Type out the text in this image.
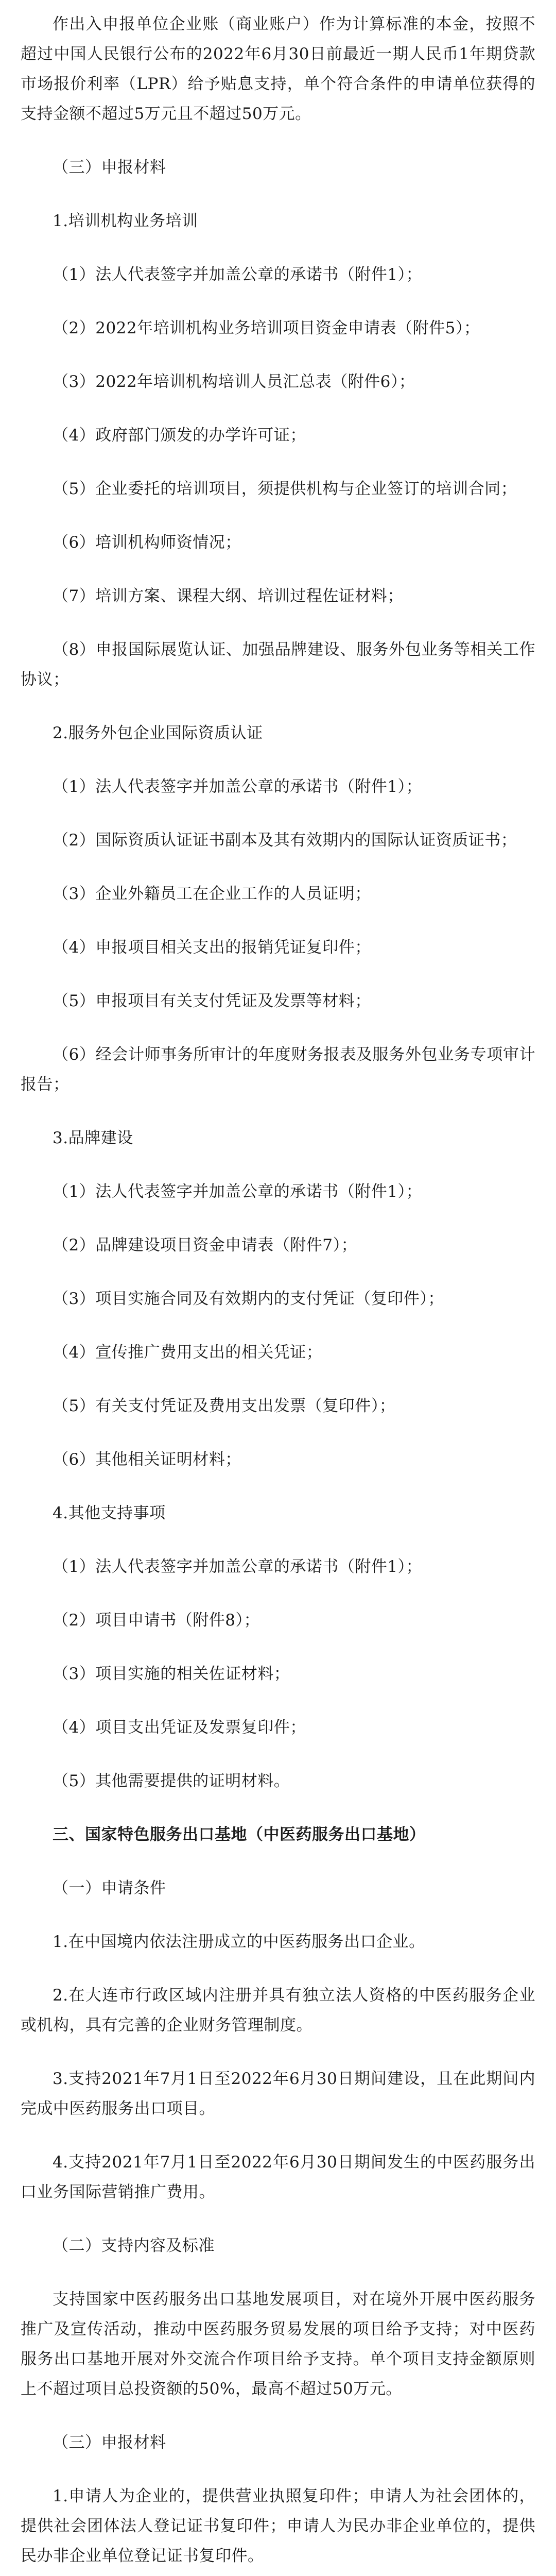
作出入申报单位企业账（商业账户）作为计算标准的本金，按照不超过中国人民银行公布的2022年6月30日前最近一期人民币1年期贷款市场报价利率（LPR）给予贴息支持，单个符合条件的申请单位获得的支持金额不超过5万元且不超过50万元。

（三）申报材料

1.培训机构业务培训

（1）法人代表签字并加盖公章的承诺书（附件1）；

（2）2022年培训机构业务培训项目资金申请表（附件5）；

（3）2022年培训机构培训人员汇总表（附件6）；

（4）政府部门颁发的办学许可证；

（5）企业委托的培训项目，须提供机构与企业签订的培训合同；

（6）培训机构师资情况；

（7）培训方案、课程大纲、培训过程佐证材料；

（8）申报国际展览认证、加强品牌建设、服务外包业务等相关工作协议；

2.服务外包企业国际资质认证

（1）法人代表签字并加盖公章的承诺书（附件1）；

（2）国际资质认证证书副本及其有效期内的国际认证资质证书；

（3）企业外籍员工在企业工作的人员证明；

（4）申报项目相关支出的报销凭证复印件；

（5）申报项目有关支付凭证及发票等材料；

（6）经会计师事务所审计的年度财务报表及服务外包业务专项审计报告；

3.品牌建设

（1）法人代表签字并加盖公章的承诺书（附件1）；

（2）品牌建设项目资金申请表（附件7）；

（3）项目实施合同及有效期内的支付凭证（复印件）；

（4）宣传推广费用支出的相关凭证；

（5）有关支付凭证及费用支出发票（复印件）；

（6）其他相关证明材料；

4.其他支持事项

（1）法人代表签字并加盖公章的承诺书（附件1）；

（2）项目申请书（附件8）；

（3）项目实施的相关佐证材料；

（4）项目支出凭证及发票复印件；

（5）其他需要提供的证明材料。

三、国家特色服务出口基地（中医药服务出口基地）

（一）申请条件

1.在中国境内依法注册成立的中医药服务出口企业。

2.在大连市行政区域内注册并具有独立法人资格的中医药服务企业或机构，具有完善的企业财务管理制度。

3.支持2021年7月1日至2022年6月30日期间建设，且在此期间内完成中医药服务出口项目。

4.支持2021年7月1日至2022年6月30日期间发生的中医药服务出口业务国际营销推广费用。

（二）支持内容及标准

支持国家中医药服务出口基地发展项目，对在境外开展中医药服务推广及宣传活动，推动中医药服务贸易发展的项目给予支持；对中医药服务出口基地开展对外交流合作项目给予支持。单个项目支持金额原则上不超过项目总投资额的50%，最高不超过50万元。

（三）申报材料

1.申请人为企业的，提供营业执照复印件；申请人为社会团体的，提供社会团体法人登记证书复印件；申请人为民办非企业单位的，提供民办非企业单位登记证书复印件。
